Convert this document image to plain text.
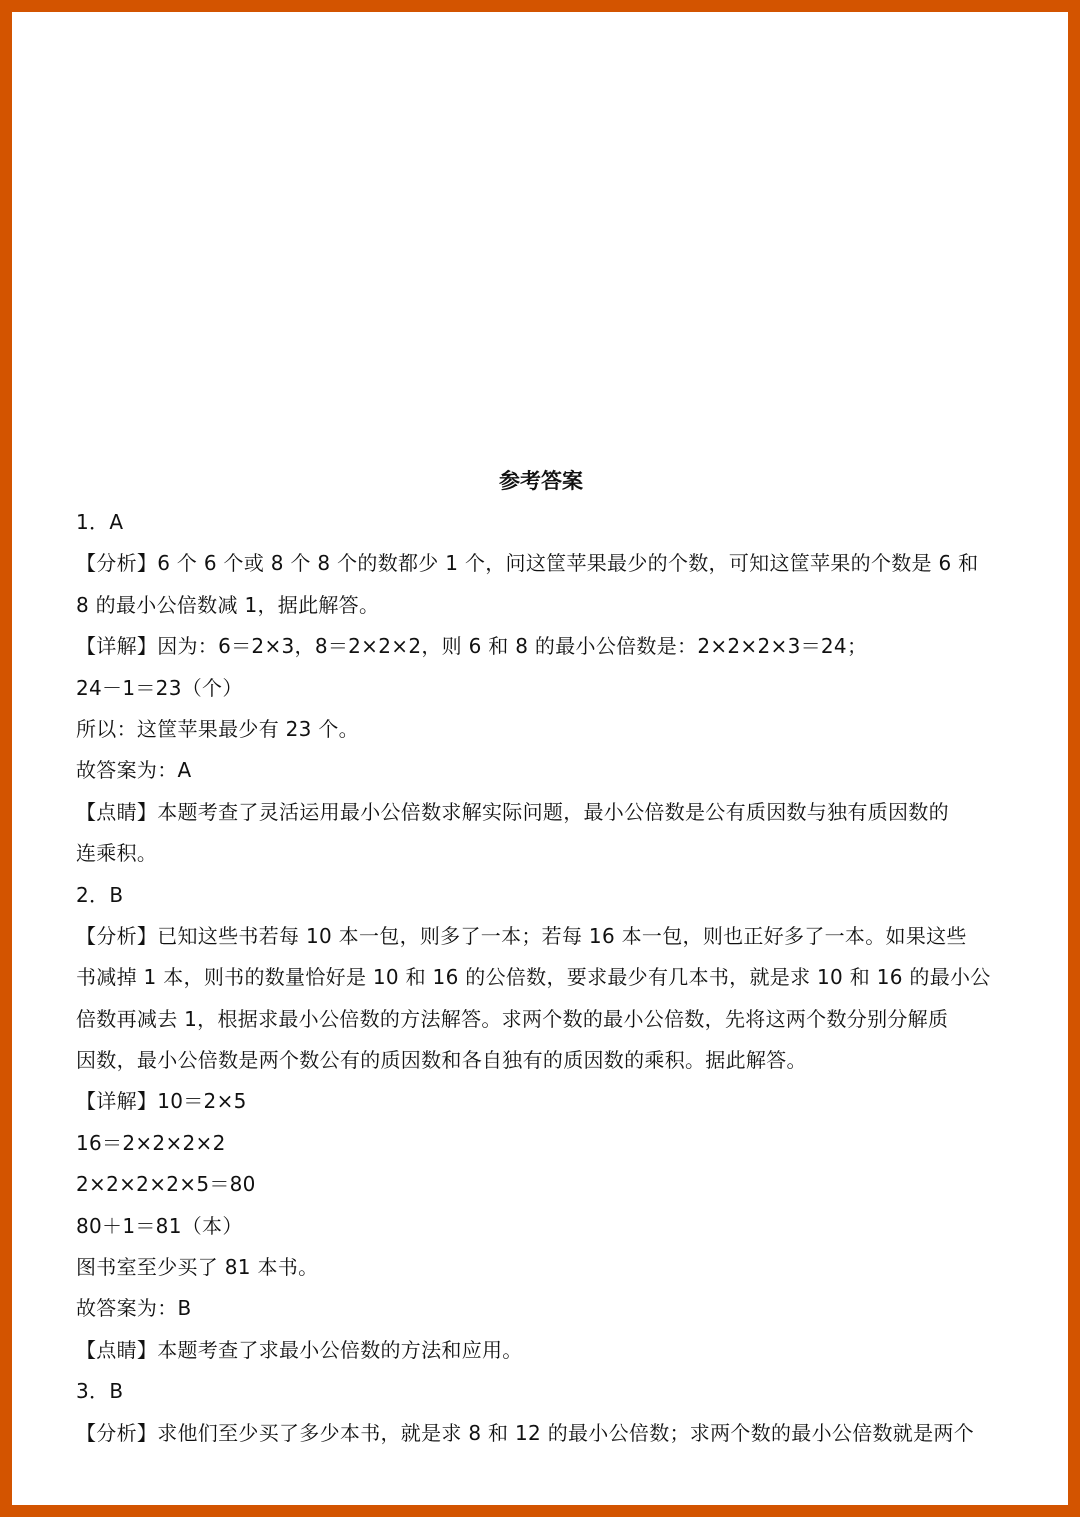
参考答案
1．A
【分析】6 个 6 个或 8 个 8 个的数都少 1 个，问这筐苹果最少的个数，可知这筐苹果的个数是 6 和
8 的最小公倍数减 1，据此解答。
【详解】因为：6＝2×3，8＝2×2×2，则 6 和 8 的最小公倍数是：2×2×2×3＝24；
24－1＝23（个）
所以：这筐苹果最少有 23 个。
故答案为：A
【点睛】本题考查了灵活运用最小公倍数求解实际问题，最小公倍数是公有质因数与独有质因数的
连乘积。
2．B
【分析】已知这些书若每 10 本一包，则多了一本；若每 16 本一包，则也正好多了一本。如果这些
书减掉 1 本，则书的数量恰好是 10 和 16 的公倍数，要求最少有几本书，就是求 10 和 16 的最小公
倍数再减去 1，根据求最小公倍数的方法解答。求两个数的最小公倍数，先将这两个数分别分解质
因数，最小公倍数是两个数公有的质因数和各自独有的质因数的乘积。据此解答。
【详解】10＝2×5
16＝2×2×2×2
2×2×2×2×5＝80
80＋1＝81（本）
图书室至少买了 81 本书。
故答案为：B
【点睛】本题考查了求最小公倍数的方法和应用。
3．B
【分析】求他们至少买了多少本书，就是求 8 和 12 的最小公倍数；求两个数的最小公倍数就是两个
